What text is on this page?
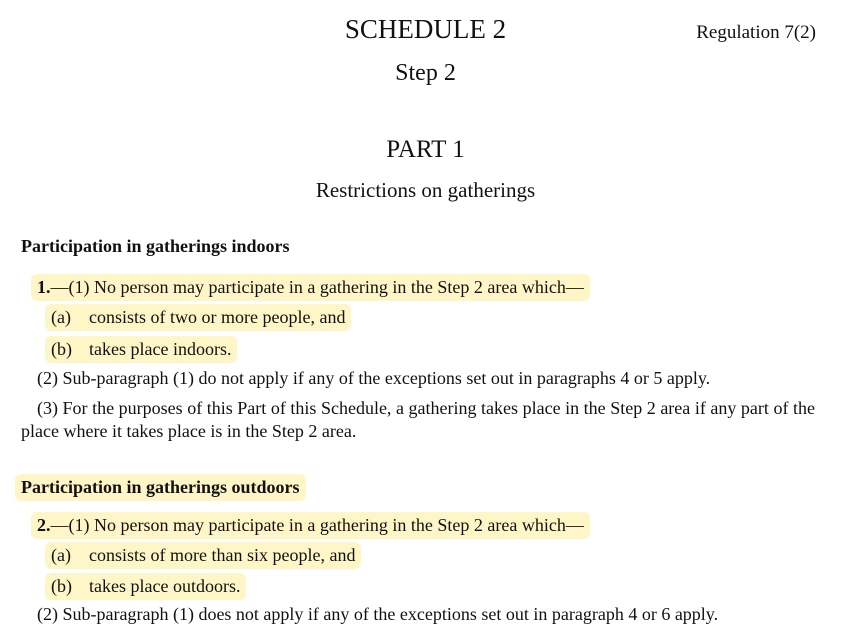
SCHEDULE 2	Regulation 7(2)
Step 2
PART 1
Restrictions on gatherings
Participation in gatherings indoors
1.—(1) No person may participate in a gathering in the Step 2 area which—
(a) consists of two or more people, and
(b) takes place indoors.
(2) Sub-paragraph (1) do not apply if any of the exceptions set out in paragraphs 4 or 5 apply.
(3) For the purposes of this Part of this Schedule, a gathering takes place in the Step 2 area if any part of the place where it takes place is in the Step 2 area.
Participation in gatherings outdoors
2.—(1) No person may participate in a gathering in the Step 2 area which—
(a) consists of more than six people, and
(b) takes place outdoors.
(2) Sub-paragraph (1) does not apply if any of the exceptions set out in paragraph 4 or 6 apply.
